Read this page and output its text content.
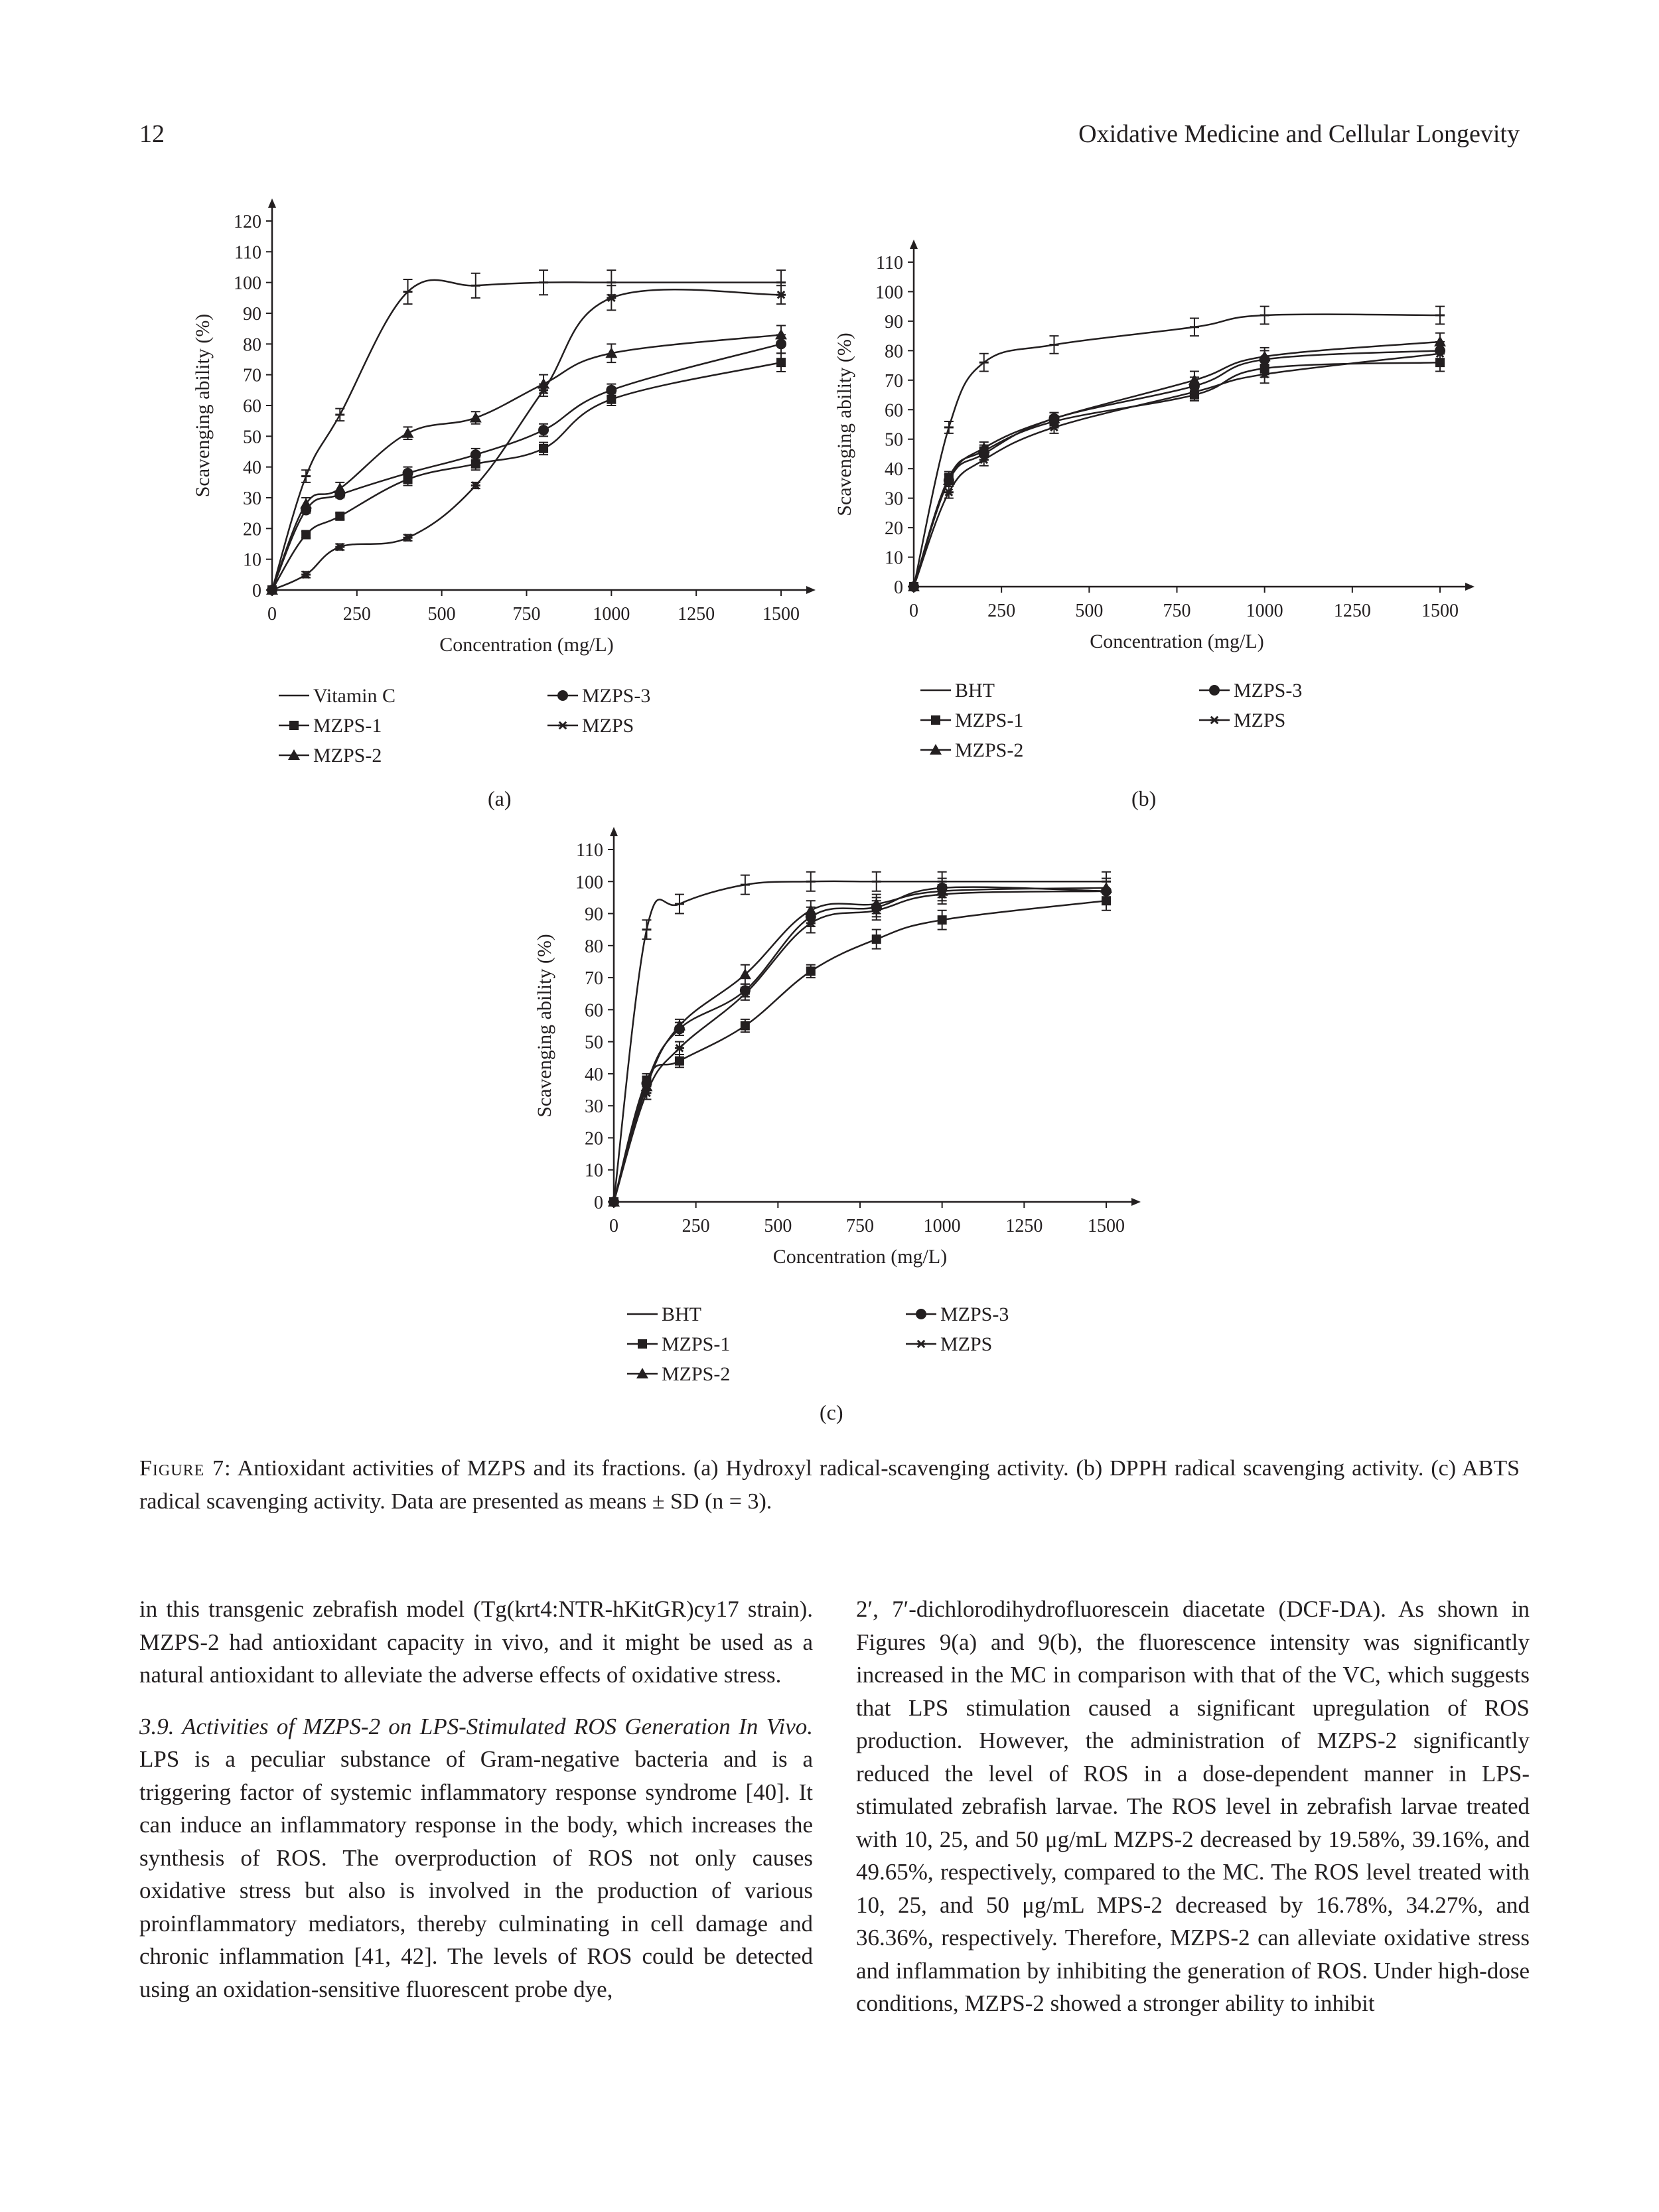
12	Oxidative Medicine and Cellular Longevity
0
10
20
30
40
50
60
70
80
90
100
110
120
0	250	500	750	1000	1250	1500
Scavenging ability (%)
Concentration (mg/L)
Vitamin C	MZPS-3
MZPS-1	MZPS
MZPS-2
0
10
20
30
40
50
60
70
80
90
100
110
0	250	500	750	1000	1250	1500
Scavenging ability (%)
Concentration (mg/L)
BHT	MZPS-3
MZPS-1	MZPS
MZPS-2
0
10
20
30
40
50
60
70
80
90
100
110
0	250	500	750	1000 1250 1500
Scavenging ability (%)
Concentration (mg/L)
BHT	MZPS-3
MZPS-1	MZPS
MZPS-2
(a)	(b)
(c)
Figure 7: Antioxidant activities of MZPS and its fractions. (a) Hydroxyl radical-scavenging activity. (b) DPPH radical scavenging activity. (c) ABTS radical scavenging activity. Data are presented as means ± SD (n = 3).

in this transgenic zebrafish model (Tg(krt4:NTR-hKitGR)cy17 strain). MZPS-2 had antioxidant capacity in vivo, and it might be used as a natural antioxidant to alleviate the adverse effects of oxidative stress.

3.9. Activities of MZPS-2 on LPS-Stimulated ROS Generation In Vivo. LPS is a peculiar substance of Gram-negative bacteria and is a triggering factor of systemic inflammatory response syndrome [40]. It can induce an inflammatory response in the body, which increases the synthesis of ROS. The overproduction of ROS not only causes oxidative stress but also is involved in the production of various proinflammatory mediators, thereby culminating in cell damage and chronic inflammation [41, 42]. The levels of ROS could be detected using an oxidation-sensitive fluorescent probe dye,

2′, 7′-dichlorodihydrofluorescein diacetate (DCF-DA). As shown in Figures 9(a) and 9(b), the fluorescence intensity was significantly increased in the MC in comparison with that of the VC, which suggests that LPS stimulation caused a significant upregulation of ROS production. However, the administration of MZPS-2 significantly reduced the level of ROS in a dose-dependent manner in LPS-stimulated zebrafish larvae. The ROS level in zebrafish larvae treated with 10, 25, and 50 μg/mL MZPS-2 decreased by 19.58%, 39.16%, and 49.65%, respectively, compared to the MC. The ROS level treated with 10, 25, and 50 μg/mL MPS-2 decreased by 16.78%, 34.27%, and 36.36%, respectively. Therefore, MZPS-2 can alleviate oxidative stress and inflammation by inhibiting the generation of ROS. Under high-dose conditions, MZPS-2 showed a stronger ability to inhibit
